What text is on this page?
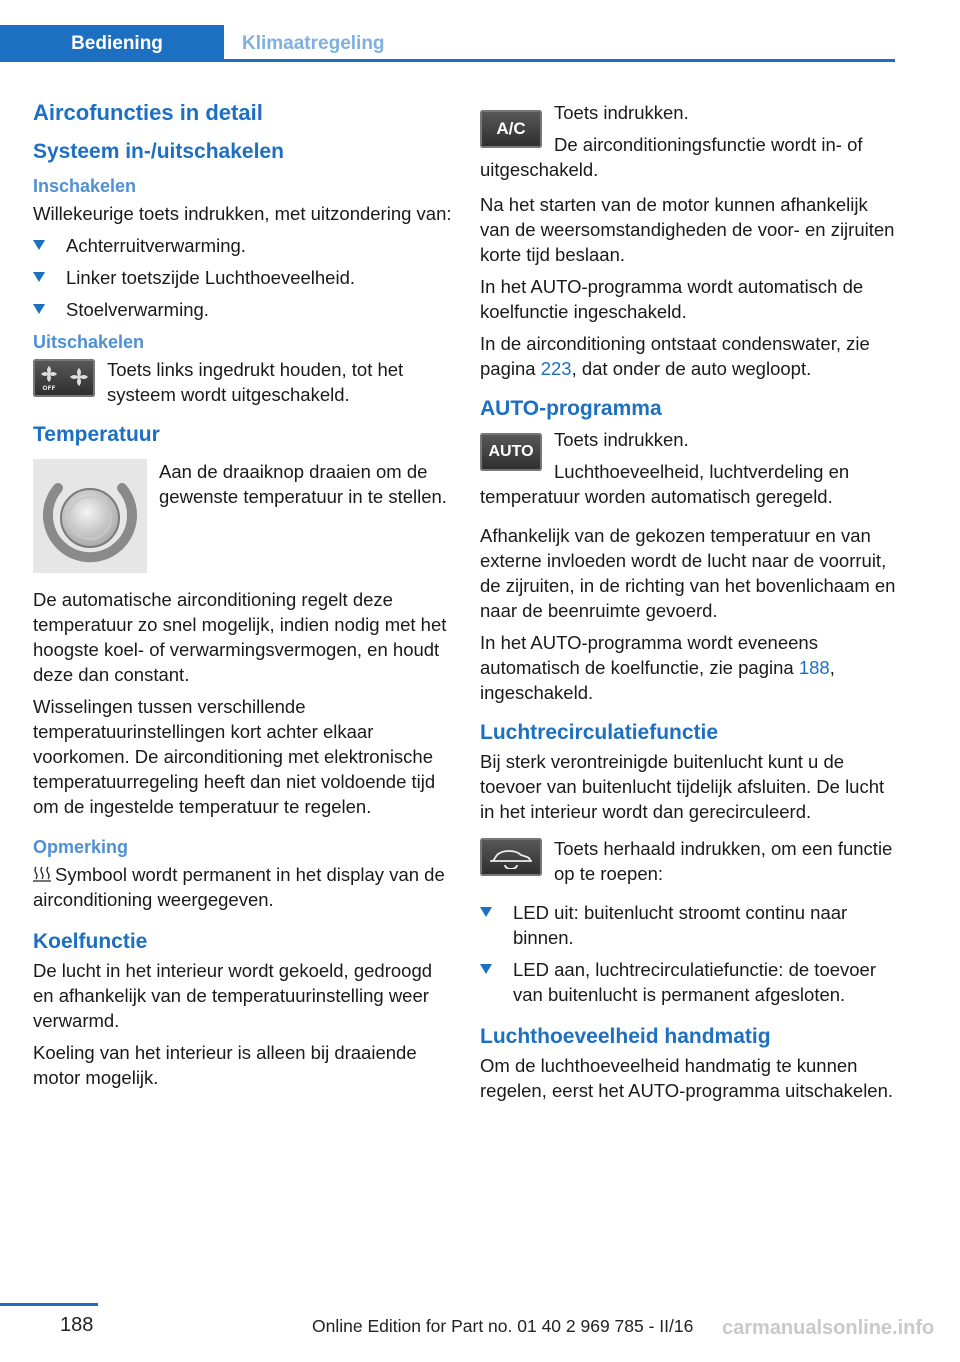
Bediening	Klimaatregeling
Aircofuncties in detail
Systeem in-/uitschakelen
Inschakelen

Willekeurige toets indrukken, met uitzondering van:

Achterruitverwarming.
Linker toetszijde Luchthoeveelheid.
Stoelverwarming.
Uitschakelen
OFF

Toets links ingedrukt houden, tot het systeem wordt uitgeschakeld.

Temperatuur

Aan de draaiknop draaien om de gewenste temperatuur in te stellen.

De automatische airconditioning regelt deze temperatuur zo snel mogelijk, indien nodig met het hoogste koel- of verwarmingsvermogen, en houdt deze dan constant.

Wisselingen tussen verschillende temperatuurinstellingen kort achter elkaar voorkomen. De airconditioning met elektronische temperatuurregeling heeft dan niet voldoende tijd om de ingestelde temperatuur te regelen.

Opmerking

Symbool wordt permanent in het display van de airconditioning weergegeven.

Koelfunctie

De lucht in het interieur wordt gekoeld, gedroogd en afhankelijk van de temperatuurinstelling weer verwarmd.

Koeling van het interieur is alleen bij draaiende motor mogelijk.

A/C

Toets indrukken.

De airconditioningsfunctie wordt in- of uitgeschakeld.

Na het starten van de motor kunnen afhankelijk van de weersomstandigheden de voor- en zijruiten korte tijd beslaan.

In het AUTO-programma wordt automatisch de koelfunctie ingeschakeld.

In de airconditioning ontstaat condenswater, zie pagina 223, dat onder de auto wegloopt.

AUTO-programma
AUTO

Toets indrukken.

Luchthoeveelheid, luchtverdeling en temperatuur worden automatisch geregeld.

Afhankelijk van de gekozen temperatuur en van externe invloeden wordt de lucht naar de voorruit, de zijruiten, in de richting van het bovenlichaam en naar de beenruimte gevoerd.

In het AUTO-programma wordt eveneens automatisch de koelfunctie, zie pagina 188, ingeschakeld.

Luchtrecirculatiefunctie

Bij sterk verontreinigde buitenlucht kunt u de toevoer van buitenlucht tijdelijk afsluiten. De lucht in het interieur wordt dan gerecirculeerd.

Toets herhaald indrukken, om een functie op te roepen:

LED uit: buitenlucht stroomt continu naar binnen.
LED aan, luchtrecirculatiefunctie: de toevoer van buitenlucht is permanent afgesloten.
Luchthoeveelheid handmatig

Om de luchthoeveelheid handmatig te kunnen regelen, eerst het AUTO-programma uitschakelen.

188	Online Edition for Part no. 01 40 2 969 785 - II/16 carmanualsonline.info
